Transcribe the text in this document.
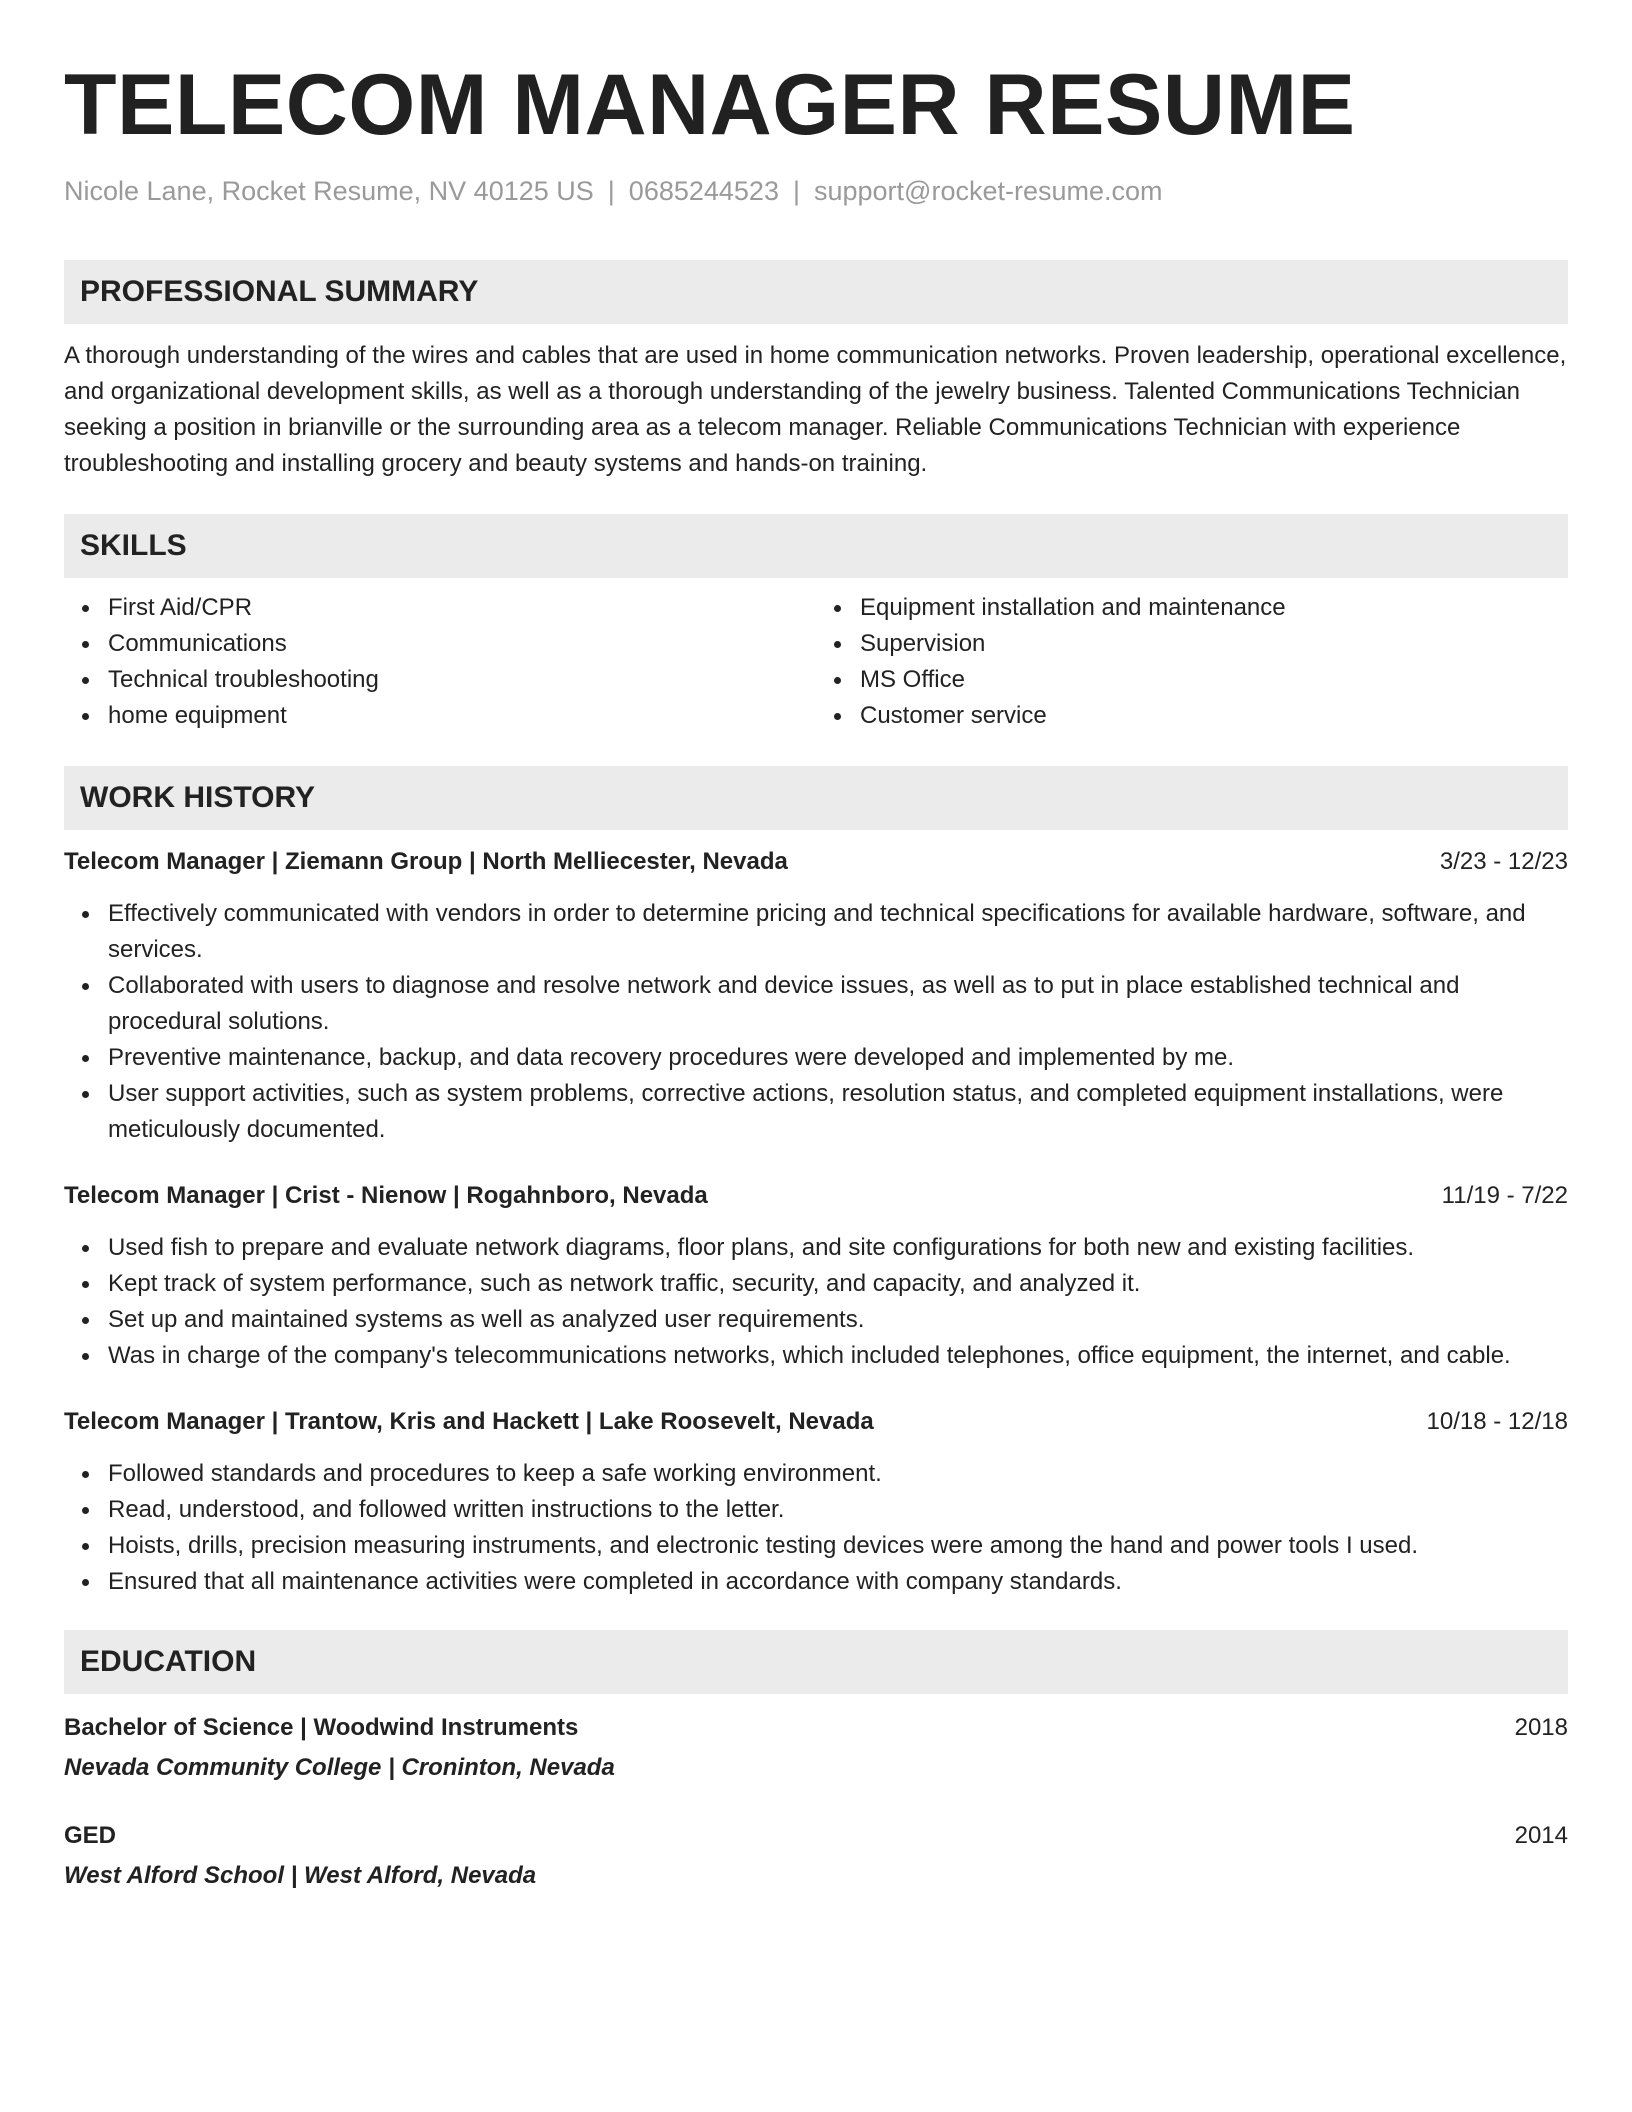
TELECOM MANAGER RESUME
Nicole Lane, Rocket Resume, NV 40125 US | 0685244523 | support@rocket-resume.com
PROFESSIONAL SUMMARY

A thorough understanding of the wires and cables that are used in home communication networks. Proven leadership, operational excellence, and organizational development skills, as well as a thorough understanding of the jewelry business. Talented Communications Technician seeking a position in brianville or the surrounding area as a telecom manager. Reliable Communications Technician with experience troubleshooting and installing grocery and beauty systems and hands-on training.

SKILLS
First Aid/CPR
Communications
Technical troubleshooting
home equipment
Equipment installation and maintenance
Supervision
MS Office
Customer service
WORK HISTORY
Telecom Manager | Ziemann Group | North Melliecester, Nevada	3/23 - 12/23
Effectively communicated with vendors in order to determine pricing and technical specifications for available hardware, software, and services.
Collaborated with users to diagnose and resolve network and device issues, as well as to put in place established technical and procedural solutions.
Preventive maintenance, backup, and data recovery procedures were developed and implemented by me.
User support activities, such as system problems, corrective actions, resolution status, and completed equipment installations, were meticulously documented.
Telecom Manager | Crist - Nienow | Rogahnboro, Nevada	11/19 - 7/22
Used fish to prepare and evaluate network diagrams, floor plans, and site configurations for both new and existing facilities.
Kept track of system performance, such as network traffic, security, and capacity, and analyzed it.
Set up and maintained systems as well as analyzed user requirements.
Was in charge of the company's telecommunications networks, which included telephones, office equipment, the internet, and cable.
Telecom Manager | Trantow, Kris and Hackett | Lake Roosevelt, Nevada	10/18 - 12/18
Followed standards and procedures to keep a safe working environment.
Read, understood, and followed written instructions to the letter.
Hoists, drills, precision measuring instruments, and electronic testing devices were among the hand and power tools I used.
Ensured that all maintenance activities were completed in accordance with company standards.
EDUCATION
Bachelor of Science | Woodwind Instruments	2018
Nevada Community College | Croninton, Nevada
GED	2014
West Alford School | West Alford, Nevada
